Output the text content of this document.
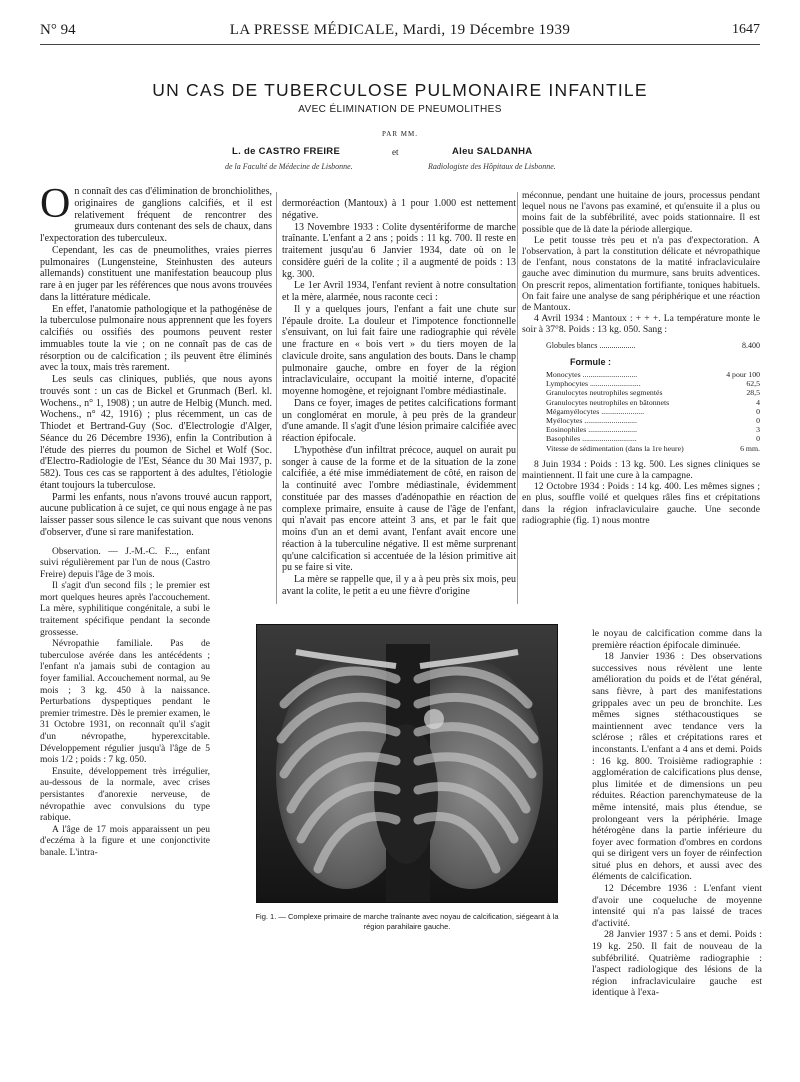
N° 94	LA PRESSE MÉDICALE, Mardi, 19 Décembre 1939	1647
UN CAS DE TUBERCULOSE PULMONAIRE INFANTILE
AVEC ÉLIMINATION DE PNEUMOLITHES
PAR MM.
L. de CASTRO FREIRE	et	Aleu SALDANHA
de la Faculté de Médecine de Lisbonne.	Radiologiste des Hôpitaux de Lisbonne.
O n connaît des cas d'élimination de bronchiolithes, originaires de ganglions calcifiés, et il est relativement fréquent de rencontrer des grumeaux durs contenant des sels de chaux, dans l'expectoration des tuberculeux.

Cependant, les cas de pneumolithes, vraies pierres pulmonaires (Lungensteine, Steinhusten des auteurs allemands) constituent une manifestation beaucoup plus rare à en juger par les références que nous avons trouvées dans la littérature médicale.

En effet, l'anatomie pathologique et la pathogénèse de la tuberculose pulmonaire nous apprennent que les foyers calcifiés ou ossifiés des poumons peuvent rester immuables toute la vie ; on ne connaît pas de cas de résorption ou de calcification ; ils peuvent être éliminés avec la toux, mais très rarement.

Les seuls cas cliniques, publiés, que nous ayons trouvés sont : un cas de Bickel et Grunmach (Berl. kl. Wochens., n° 1, 1908) ; un autre de Helbig (Munch. med. Wochens., n° 42, 1916) ; plus récemment, un cas de Thiodet et Bertrand-Guy (Soc. d'Electrologie d'Alger, Séance du 26 Décembre 1936), enfin la Contribution à l'étude des pierres du poumon de Sichel et Wolf (Soc. d'Electro-Radiologie de l'Est, Séance du 30 Mai 1937, p. 582). Tous ces cas se rapportent à des adultes, l'étiologie étant toujours la tuberculose.

Parmi les enfants, nous n'avons trouvé aucun rapport, aucune publication à ce sujet, ce qui nous engage à ne pas laisser passer sous silence le cas suivant que nous venons d'observer, d'une si rare manifestation.

Observation. — J.-M.-C. F..., enfant suivi régulièrement par l'un de nous (Castro Freire) depuis l'âge de 3 mois.

Il s'agit d'un second fils ; le premier est mort quelques heures après l'accouchement. La mère, syphilitique congénitale, a subi le traitement spécifique pendant la seconde grossesse.

Névropathie familiale. Pas de tuberculose avérée dans les antécédents ; l'enfant n'a jamais subi de contagion au foyer familial. Accouchement normal, au 9e mois ; 3 kg. 450 à la naissance. Perturbations dyspeptiques pendant le premier trimestre. Dès le premier examen, le 31 Octobre 1931, on reconnaît qu'il s'agit d'un névropathe, hyperexcitable. Développement régulier jusqu'à l'âge de 5 mois 1/2 ; poids : 7 kg. 050.

Ensuite, développement très irrégulier, au-dessous de la normale, avec crises persistantes d'anorexie nerveuse, de névropathie avec convulsions du type rabique.

A l'âge de 17 mois apparaissent un peu d'eczéma à la figure et une conjonctivite banale. L'intra-

dermoréaction (Mantoux) à 1 pour 1.000 est nettement négative.

13 Novembre 1933 : Colite dysentériforme de marche traînante. L'enfant a 2 ans ; poids : 11 kg. 700. Il reste en traitement jusqu'au 6 Janvier 1934, date où on le considère guéri de la colite ; il a augmenté de poids : 13 kg. 300.

Le 1er Avril 1934, l'enfant revient à notre consultation et la mère, alarmée, nous raconte ceci :

Il y a quelques jours, l'enfant a fait une chute sur l'épaule droite. La douleur et l'impotence fonctionnelle s'ensuivant, on lui fait faire une radiographie qui révèle une fracture en « bois vert » du tiers moyen de la clavicule droite, sans angulation des bouts. Dans le champ pulmonaire gauche, ombre en foyer de la région intraclaviculaire, occupant la moitié interne, d'opacité moyenne homogène, et rejoignant l'ombre médiastinale.

Dans ce foyer, images de petites calcifications formant un conglomérat en morule, à peu près de la grandeur d'une amande. Il s'agit d'une lésion primaire calcifiée avec réaction épifocale.

L'hypothèse d'un infiltrat précoce, auquel on aurait pu songer à cause de la forme et de la situation de la zone calcifiée, a été mise immédiatement de côté, en raison de la continuité avec l'ombre médiastinale, évidemment constituée par des masses d'adénopathie en réaction de complexe primaire, ensuite à cause de l'âge de l'enfant, qui n'avait pas encore atteint 3 ans, et par le fait que moins d'un an et demi avant, l'enfant avait encore une réaction à la tuberculine négative. Il est même surprenant qu'une calcification si accentuée de la lésion primitive ait pu se faire si vite.

La mère se rappelle que, il y a à peu près six mois, peu avant la colite, le petit a eu une fièvre d'origine

méconnue, pendant une huitaine de jours, processus pendant lequel nous ne l'avons pas examiné, et qu'ensuite il a plus ou moins fait de la subfébrilité, avec poids stationnaire. Il est possible que de là date la période allergique.

Le petit tousse très peu et n'a pas d'expectoration. A l'observation, à part la constitution délicate et névropathique de l'enfant, nous constatons de la matité infraclaviculaire gauche avec diminution du murmure, sans bruits adventices. On prescrit repos, alimentation fortifiante, toniques habituels. On fait faire une analyse de sang périphérique et une réaction de Mantoux.

4 Avril 1934 : Mantoux : + + +. La température monte le soir à 37°8. Poids : 13 kg. 050. Sang :

Globules blancs ..................	8.400
Formule :
Monocytes ............................	4 pour 100
Lymphocytes ..........................	62,5
Granulocytes neutrophiles segmentés	28,5
Granulocytes neutrophiles en bâtonnets	4
Mégamyélocytes ......................	0
Myélocytes ...........................	0
Eosinophiles .........................	3
Basophiles ............................	0
Vitesse de sédimentation (dans la 1re heure)	6 mm.

8 Juin 1934 : Poids : 13 kg. 500. Les signes cliniques se maintiennent. Il fait une cure à la campagne.

12 Octobre 1934 : Poids : 14 kg. 400. Les mêmes signes ; en plus, souffle voilé et quelques râles fins et crépitations dans la région infraclaviculaire gauche. Une seconde radiographie (fig. 1) nous montre

Fig. 1. — Complexe primaire de marche traînante avec noyau de calcification, siégeant à la région parahilaire gauche.

le noyau de calcification comme dans la première réaction épifocale diminuée.

18 Janvier 1936 : Des observations successives nous révèlent une lente amélioration du poids et de l'état général, sans fièvre, à part des manifestations grippales avec un peu de bronchite. Les mêmes signes stéthacoustiques se maintiennent avec tendance vers la sclérose ; râles et crépitations rares et inconstants. L'enfant a 4 ans et demi. Poids : 16 kg. 800. Troisième radiographie : agglomération de calcifications plus dense, plus limitée et de dimensions un peu réduites. Réaction parenchymateuse de la même intensité, mais plus étendue, se prolongeant vers la périphérie. Image hétérogène dans la partie inférieure du foyer avec formation d'ombres en cordons qui se dirigent vers un foyer de réinfection situé plus en dehors, et aussi avec des éléments de calcification.

12 Décembre 1936 : L'enfant vient d'avoir une coqueluche de moyenne intensité qui n'a pas laissé de traces d'activité.

28 Janvier 1937 : 5 ans et demi. Poids : 19 kg. 250. Il fait de nouveau de la subfébrilité. Quatrième radiographie : l'aspect radiologique des lésions de la région infraclaviculaire gauche est identique à l'exa-
